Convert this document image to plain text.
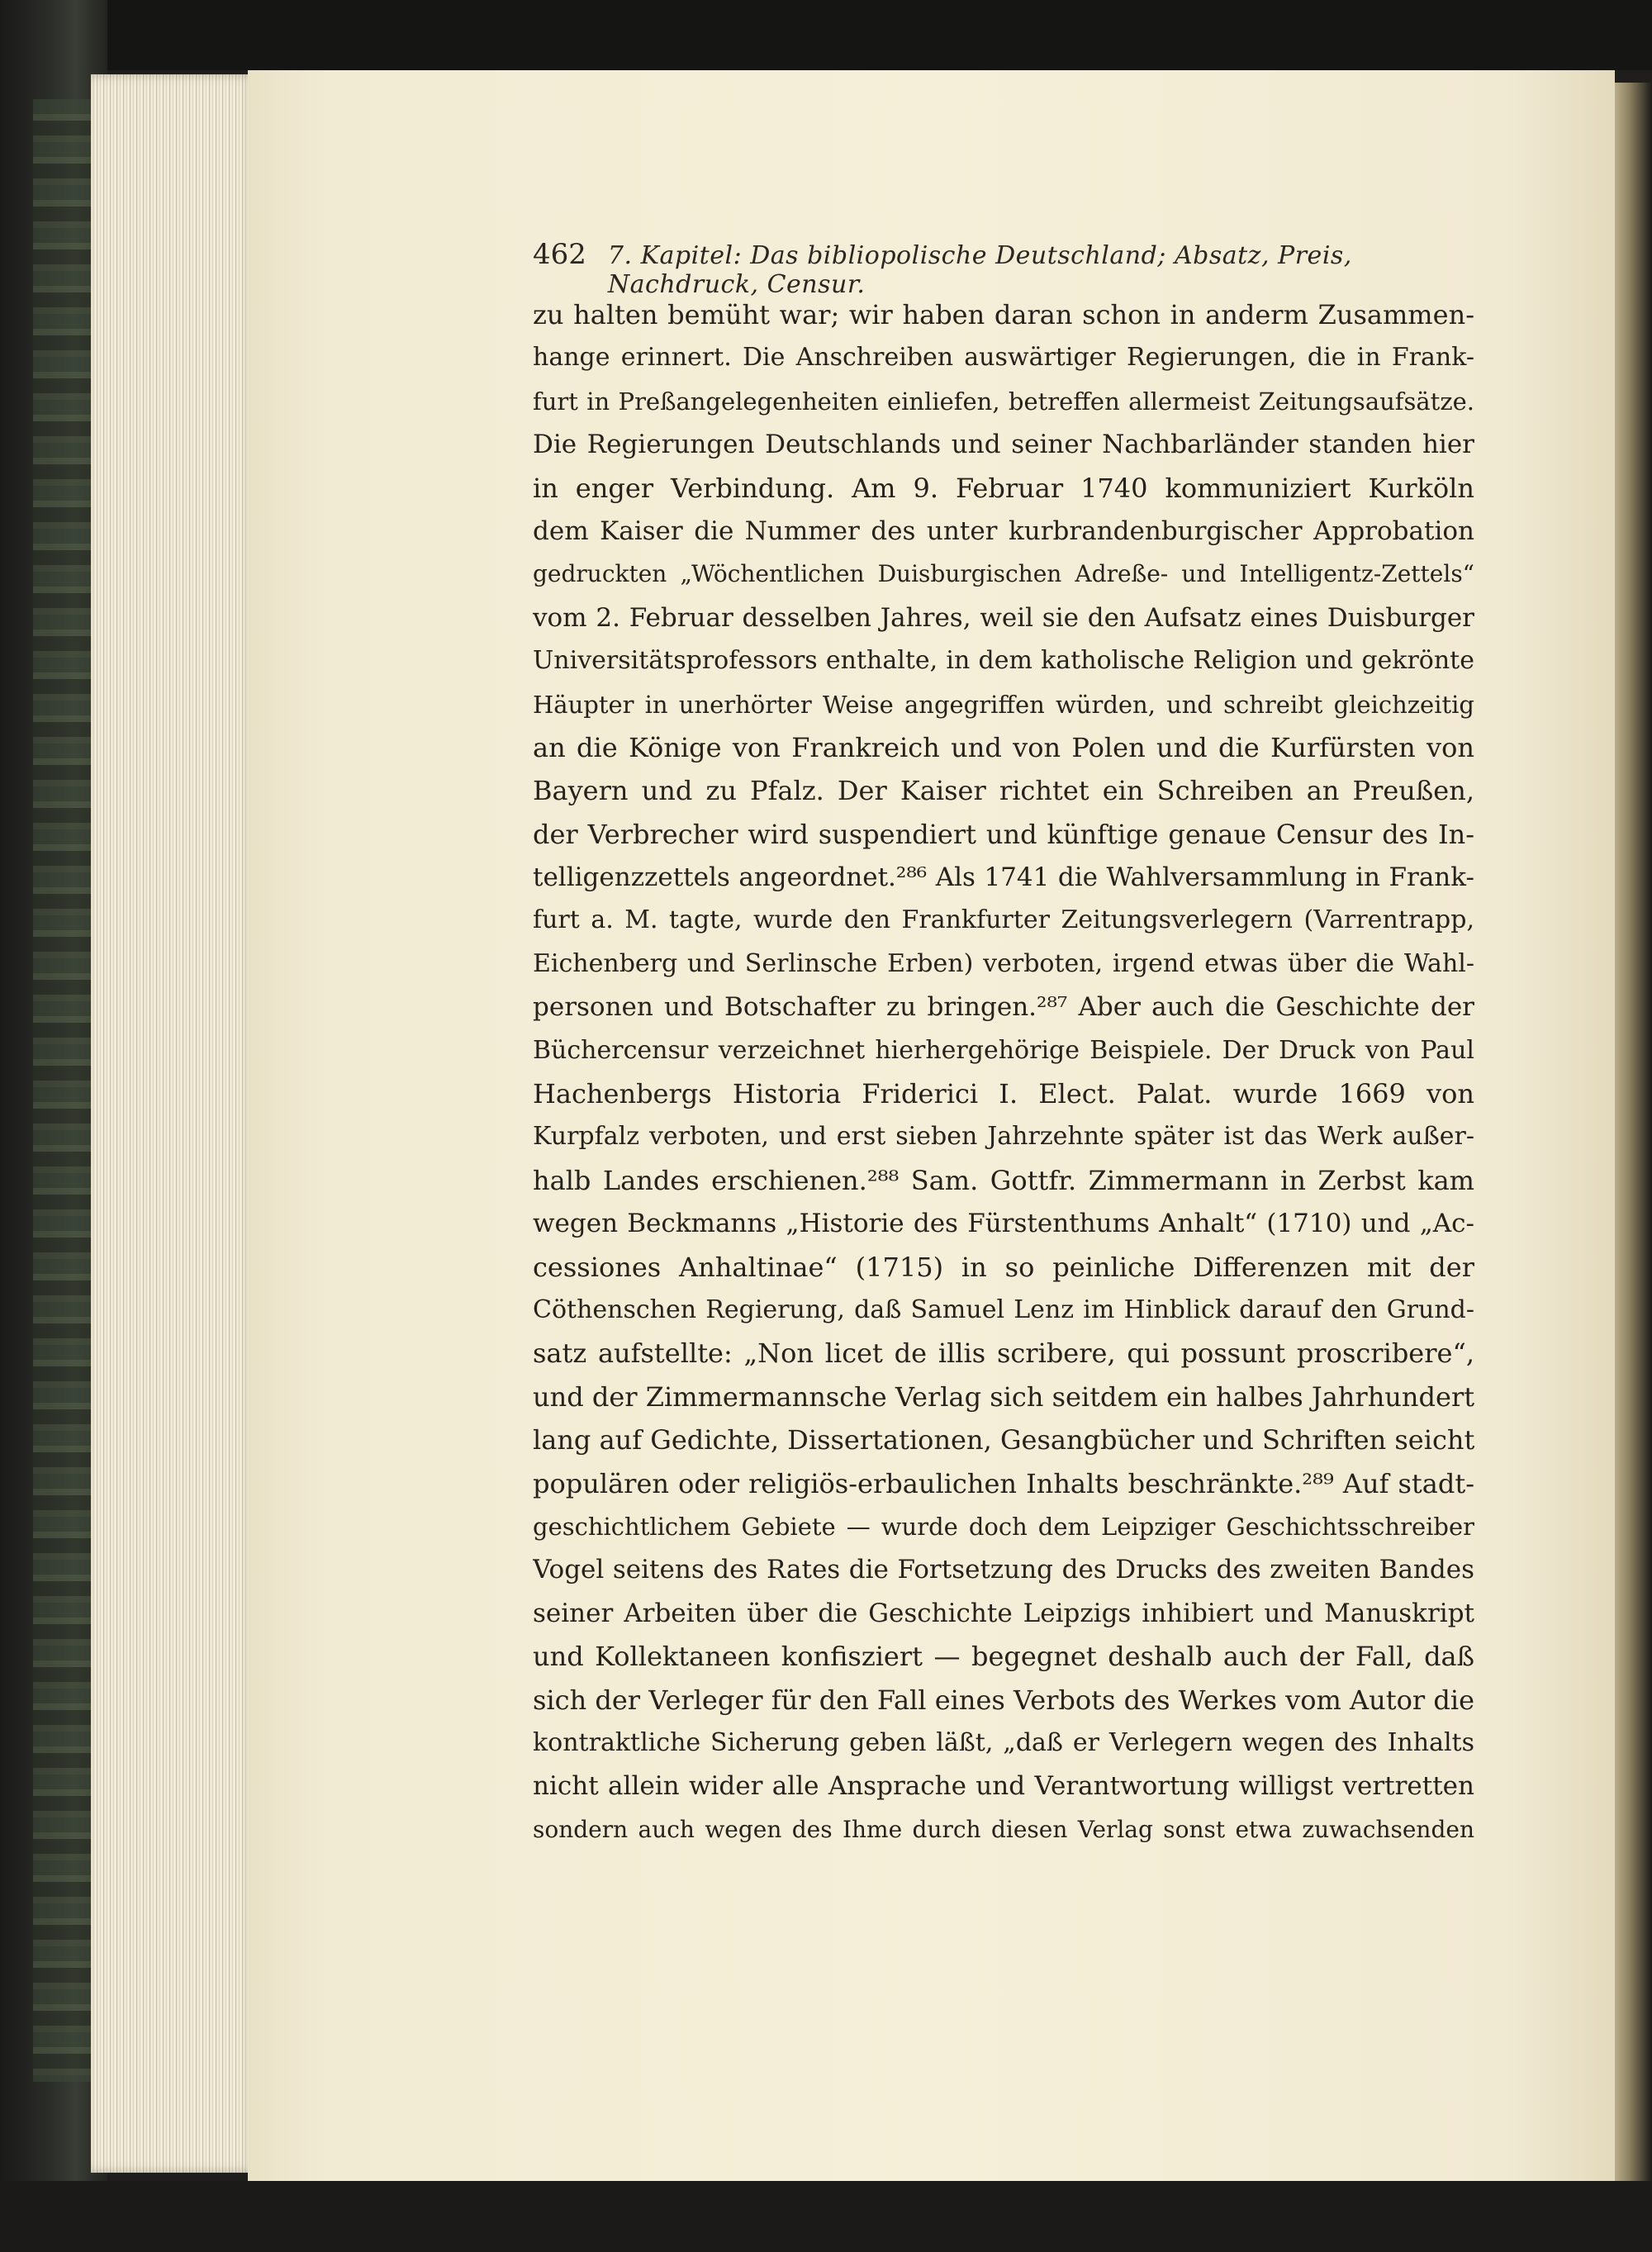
462 7. Kapitel: Das bibliopolische Deutschland; Absatz, Preis, Nachdruck, Censur.
zu halten bemüht war; wir haben daran schon in anderm Zusammen-
hange erinnert. Die Anschreiben auswärtiger Regierungen, die in Frank-
furt in Preßangelegenheiten einliefen, betreffen allermeist Zeitungsaufsätze.
Die Regierungen Deutschlands und seiner Nachbarländer standen hier
in enger Verbindung. Am 9. Februar 1740 kommuniziert Kurköln
dem Kaiser die Nummer des unter kurbrandenburgischer Approbation
gedruckten „Wöchentlichen Duisburgischen Adreße- und Intelligentz-Zettels“
vom 2. Februar desselben Jahres, weil sie den Aufsatz eines Duisburger
Universitätsprofessors enthalte, in dem katholische Religion und gekrönte
Häupter in unerhörter Weise angegriffen würden, und schreibt gleichzeitig
an die Könige von Frankreich und von Polen und die Kurfürsten von
Bayern und zu Pfalz. Der Kaiser richtet ein Schreiben an Preußen,
der Verbrecher wird suspendiert und künftige genaue Censur des In-
telligenzzettels angeordnet.²⁸⁶ Als 1741 die Wahlversammlung in Frank-
furt a. M. tagte, wurde den Frankfurter Zeitungsverlegern (Varrentrapp,
Eichenberg und Serlinsche Erben) verboten, irgend etwas über die Wahl-
personen und Botschafter zu bringen.²⁸⁷ Aber auch die Geschichte der
Büchercensur verzeichnet hierhergehörige Beispiele. Der Druck von Paul
Hachenbergs Historia Friderici I. Elect. Palat. wurde 1669 von
Kurpfalz verboten, und erst sieben Jahrzehnte später ist das Werk außer-
halb Landes erschienen.²⁸⁸ Sam. Gottfr. Zimmermann in Zerbst kam
wegen Beckmanns „Historie des Fürstenthums Anhalt“ (1710) und „Ac-
cessiones Anhaltinae“ (1715) in so peinliche Differenzen mit der
Cöthenschen Regierung, daß Samuel Lenz im Hinblick darauf den Grund-
satz aufstellte: „Non licet de illis scribere, qui possunt proscribere“,
und der Zimmermannsche Verlag sich seitdem ein halbes Jahrhundert
lang auf Gedichte, Dissertationen, Gesangbücher und Schriften seicht
populären oder religiös-erbaulichen Inhalts beschränkte.²⁸⁹ Auf stadt-
geschichtlichem Gebiete — wurde doch dem Leipziger Geschichtsschreiber
Vogel seitens des Rates die Fortsetzung des Drucks des zweiten Bandes
seiner Arbeiten über die Geschichte Leipzigs inhibiert und Manuskript
und Kollektaneen konfisziert — begegnet deshalb auch der Fall, daß
sich der Verleger für den Fall eines Verbots des Werkes vom Autor die
kontraktliche Sicherung geben läßt, „daß er Verlegern wegen des Inhalts
nicht allein wider alle Ansprache und Verantwortung willigst vertretten
sondern auch wegen des Ihme durch diesen Verlag sonst etwa zuwachsenden
